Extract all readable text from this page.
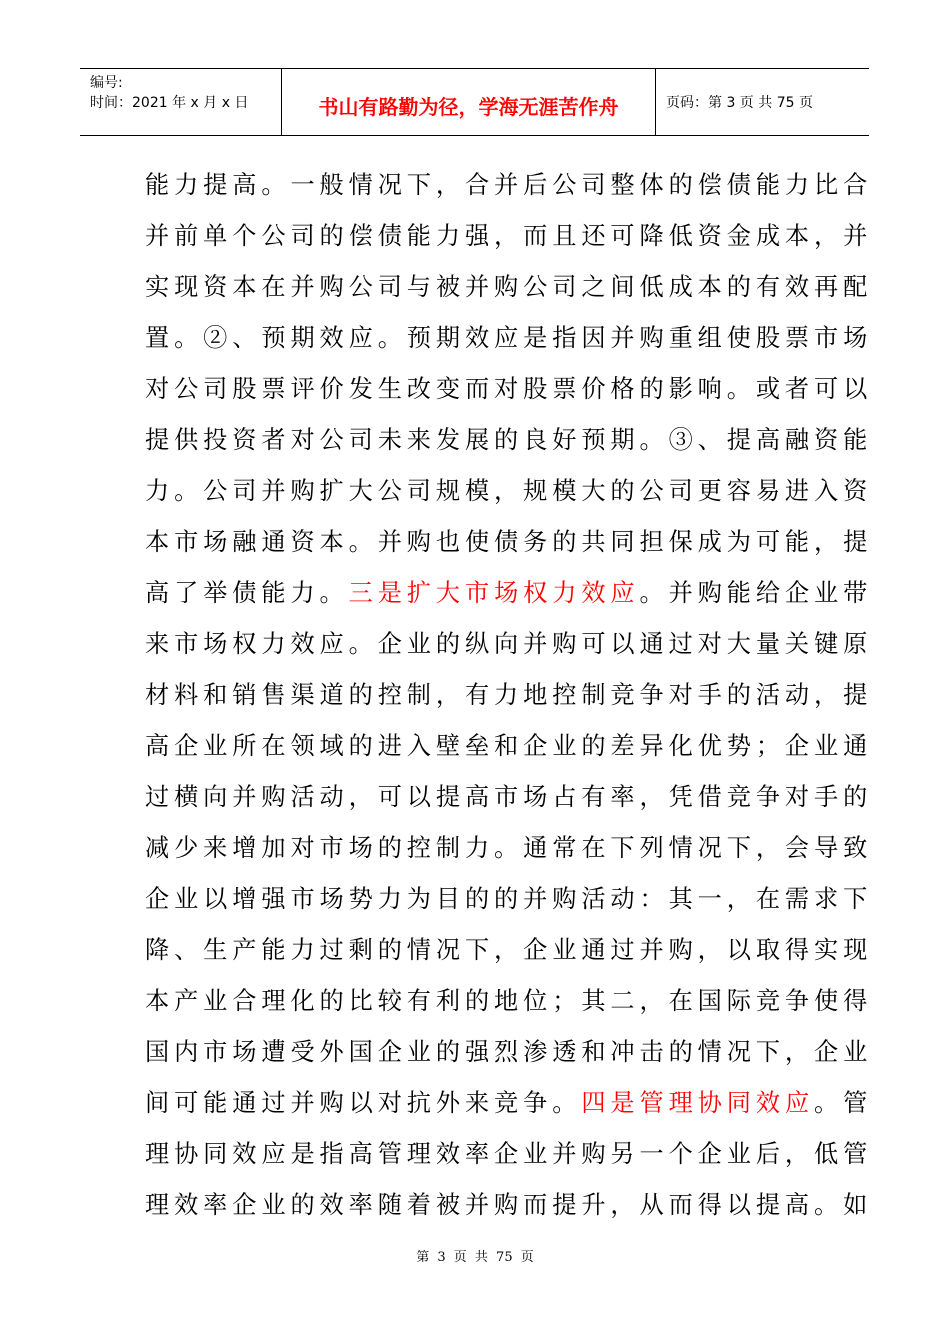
编号:
时间：2021 年 x 月 x 日	书山有路勤为径，学海无涯苦作舟	页码：第 3 页 共 75 页
能力提高。一般情况下，合并后公司整体的偿债能力比合
并前单个公司的偿债能力强，而且还可降低资金成本，并
实现资本在并购公司与被并购公司之间低成本的有效再配
置。②、预期效应。预期效应是指因并购重组使股票市场
对公司股票评价发生改变而对股票价格的影响。或者可以
提供投资者对公司未来发展的良好预期。③、提高融资能
力。公司并购扩大公司规模，规模大的公司更容易进入资
本市场融通资本。并购也使债务的共同担保成为可能，提
高了举债能力。三是扩大市场权力效应。并购能给企业带
来市场权力效应。企业的纵向并购可以通过对大量关键原
材料和销售渠道的控制，有力地控制竞争对手的活动，提
高企业所在领域的进入壁垒和企业的差异化优势；企业通
过横向并购活动，可以提高市场占有率，凭借竞争对手的
减少来增加对市场的控制力。通常在下列情况下，会导致
企业以增强市场势力为目的的并购活动：其一，在需求下
降、生产能力过剩的情况下，企业通过并购，以取得实现
本产业合理化的比较有利的地位；其二，在国际竞争使得
国内市场遭受外国企业的强烈渗透和冲击的情况下，企业
间可能通过并购以对抗外来竞争。四是管理协同效应。管
理协同效应是指高管理效率企业并购另一个企业后，低管
理效率企业的效率随着被并购而提升，从而得以提高。如
第 3 页 共 75 页
